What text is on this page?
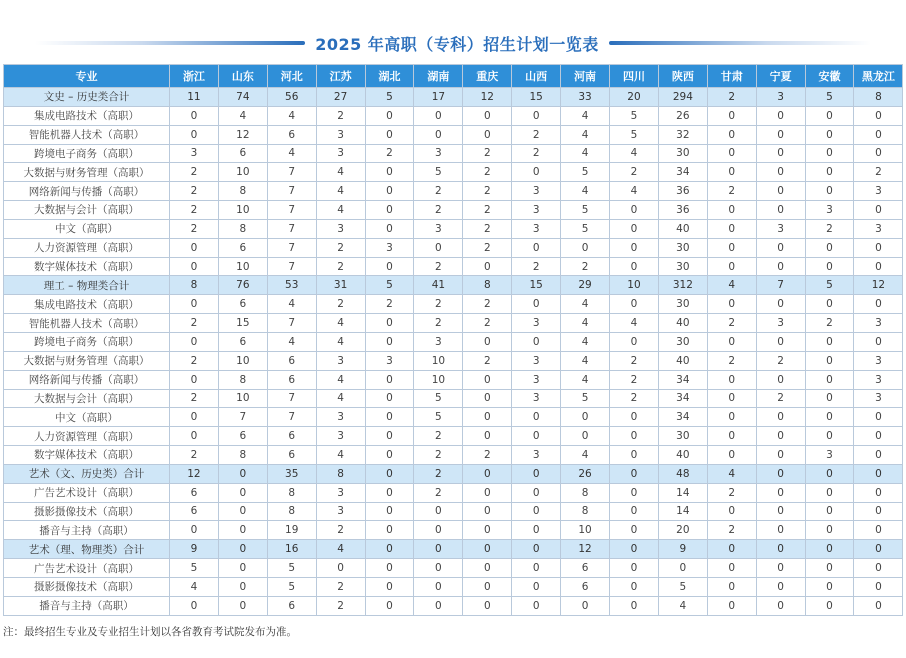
2025 年高职（专科）招生计划一览表
专业	浙江	山东	河北	江苏	湖北	湖南	重庆	山西	河南	四川	陕西	甘肃	宁夏	安徽	黑龙江
文史 – 历史类合计	11	74	56	27	5	17	12	15	33	20	294	2	3	5	8
集成电路技术（高职）	0	4	4	2	0	0	0	0	4	5	26	0	0	0	0
智能机器人技术（高职）	0	12	6	3	0	0	0	2	4	5	32	0	0	0	0
跨境电子商务（高职）	3	6	4	3	2	3	2	2	4	4	30	0	0	0	0
大数据与财务管理（高职）	2	10	7	4	0	5	2	0	5	2	34	0	0	0	2
网络新闻与传播（高职）	2	8	7	4	0	2	2	3	4	4	36	2	0	0	3
大数据与会计（高职）	2	10	7	4	0	2	2	3	5	0	36	0	0	3	0
中文（高职）	2	8	7	3	0	3	2	3	5	0	40	0	3	2	3
人力资源管理（高职）	0	6	7	2	3	0	2	0	0	0	30	0	0	0	0
数字媒体技术（高职）	0	10	7	2	0	2	0	2	2	0	30	0	0	0	0
理工 – 物理类合计	8	76	53	31	5	41	8	15	29	10	312	4	7	5	12
集成电路技术（高职）	0	6	4	2	2	2	2	0	4	0	30	0	0	0	0
智能机器人技术（高职）	2	15	7	4	0	2	2	3	4	4	40	2	3	2	3
跨境电子商务（高职）	0	6	4	4	0	3	0	0	4	0	30	0	0	0	0
大数据与财务管理（高职）	2	10	6	3	3	10	2	3	4	2	40	2	2	0	3
网络新闻与传播（高职）	0	8	6	4	0	10	0	3	4	2	34	0	0	0	3
大数据与会计（高职）	2	10	7	4	0	5	0	3	5	2	34	0	2	0	3
中文（高职）	0	7	7	3	0	5	0	0	0	0	34	0	0	0	0
人力资源管理（高职）	0	6	6	3	0	2	0	0	0	0	30	0	0	0	0
数字媒体技术（高职）	2	8	6	4	0	2	2	3	4	0	40	0	0	3	0
艺术（文、历史类）合计	12	0	35	8	0	2	0	0	26	0	48	4	0	0	0
广告艺术设计（高职）	6	0	8	3	0	2	0	0	8	0	14	2	0	0	0
摄影摄像技术（高职）	6	0	8	3	0	0	0	0	8	0	14	0	0	0	0
播音与主持（高职）	0	0	19	2	0	0	0	0	10	0	20	2	0	0	0
艺术（理、物理类）合计	9	0	16	4	0	0	0	0	12	0	9	0	0	0	0
广告艺术设计（高职）	5	0	5	0	0	0	0	0	6	0	0	0	0	0	0
摄影摄像技术（高职）	4	0	5	2	0	0	0	0	6	0	5	0	0	0	0
播音与主持（高职）	0	0	6	2	0	0	0	0	0	0	4	0	0	0	0
注：最终招生专业及专业招生计划以各省教育考试院发布为准。
